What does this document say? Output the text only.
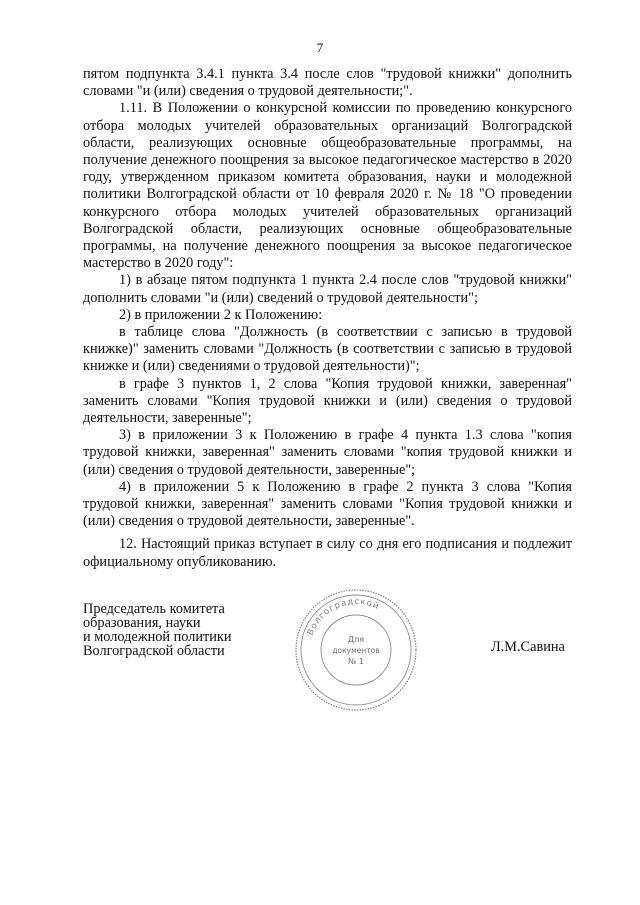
7

пятом подпункта 3.4.1 пункта 3.4 после слов "трудовой книжки" дополнить словами "и (или) сведения о трудовой деятельности;".

1.11. В Положении о конкурсной комиссии по проведению конкурсного отбора молодых учителей образовательных организаций Волгоградской области, реализующих основные общеобразовательные программы, на получение денежного поощрения за высокое педагогическое мастерство в 2020 году, утвержденном приказом комитета образования, науки и молодежной политики Волгоградской области от 10 февраля 2020 г. № 18 "О проведении конкурсного отбора молодых учителей образовательных организаций Волгоградской области, реализующих основные общеобразовательные программы, на получение денежного поощрения за высокое педагогическое мастерство в 2020 году":

1) в абзаце пятом подпункта 1 пункта 2.4 после слов "трудовой книжки" дополнить словами "и (или) сведений о трудовой деятельности";

2) в приложении 2 к Положению:

в таблице слова "Должность (в соответствии с записью в трудовой книжке)" заменить словами "Должность (в соответствии с записью в трудовой книжке и (или) сведениями о трудовой деятельности)";

в графе 3 пунктов 1, 2 слова "Копия трудовой книжки, заверенная" заменить словами "Копия трудовой книжки и (или) сведения о трудовой деятельности, заверенные";

3) в приложении 3 к Положению в графе 4 пункта 1.3 слова "копия трудовой книжки, заверенная" заменить словами "копия трудовой книжки и (или) сведения о трудовой деятельности, заверенные";

4) в приложении 5 к Положению в графе 2 пункта 3 слова "Копия трудовой книжки, заверенная" заменить словами "Копия трудовой книжки и (или) сведения о трудовой деятельности, заверенные".

12. Настоящий приказ вступает в силу со дня его подписания и подлежит официальному опубликованию.

Председатель комитета
образования, науки
и молодежной политики
Волгоградской области
Волгоградской
Для
документов
№ 1
Л.М.Савина
